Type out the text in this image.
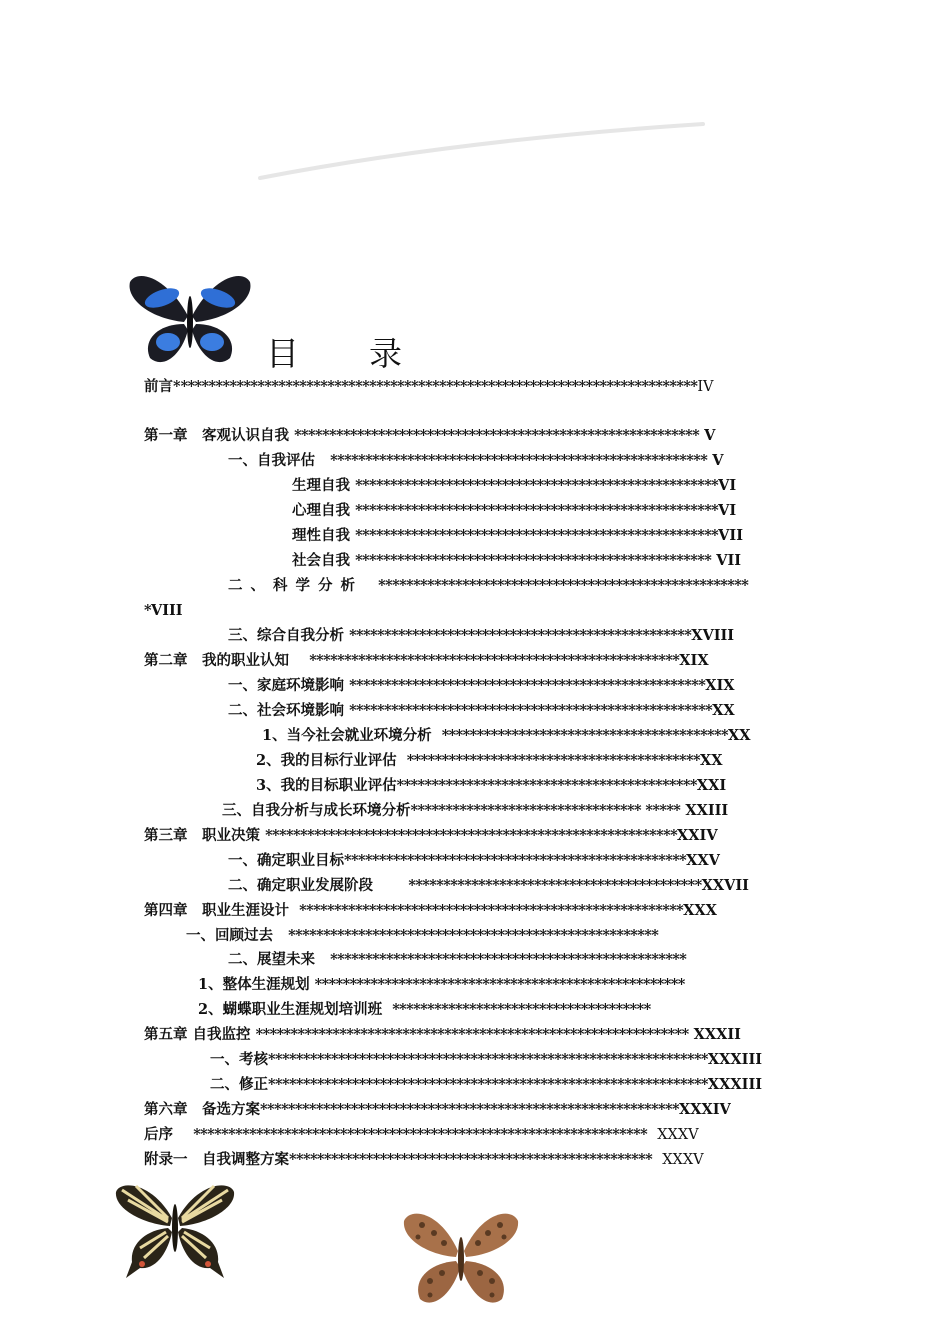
目 录
前言***************************************************************************IV
第一章　客观认识自我 ********************************************************** V
一、自我评估 ****************************************************** V
生理自我 ****************************************************VI
心理自我 ****************************************************VI
理性自我 ****************************************************VII
社会自我 *************************************************** VII
二、科学分析 *****************************************************
*VIII
三、综合自我分析 *************************************************XVIII
第二章　我的职业认知 *****************************************************XIX
一、家庭环境影响 ***************************************************XIX
二、社会环境影响 ****************************************************XX
1、当今社会就业环境分析 *****************************************XX
2、我的目标行业评估 ******************************************XX
3、我的目标职业评估*******************************************XXI
三、自我分析与成长环境分析********************************* ***** XXIII
第三章　职业决策 ***********************************************************XXIV
一、确定职业目标*************************************************XXV
二、确定职业发展阶段 ******************************************XXVII
第四章　职业生涯设计 *******************************************************XXX
一、回顾过去 *****************************************************
二、展望未来 ***************************************************
1、整体生涯规划 *****************************************************
2、蝴蝶职业生涯规划培训班 *************************************
第五章 自我监控 ************************************************************** XXXII
一、考核***************************************************************XXXIII
二、修正***************************************************************XXXIII
第六章　备选方案************************************************************XXXIV
后序 ***************************************************************** XXXV
附录一　自我调整方案**************************************************** XXXV
